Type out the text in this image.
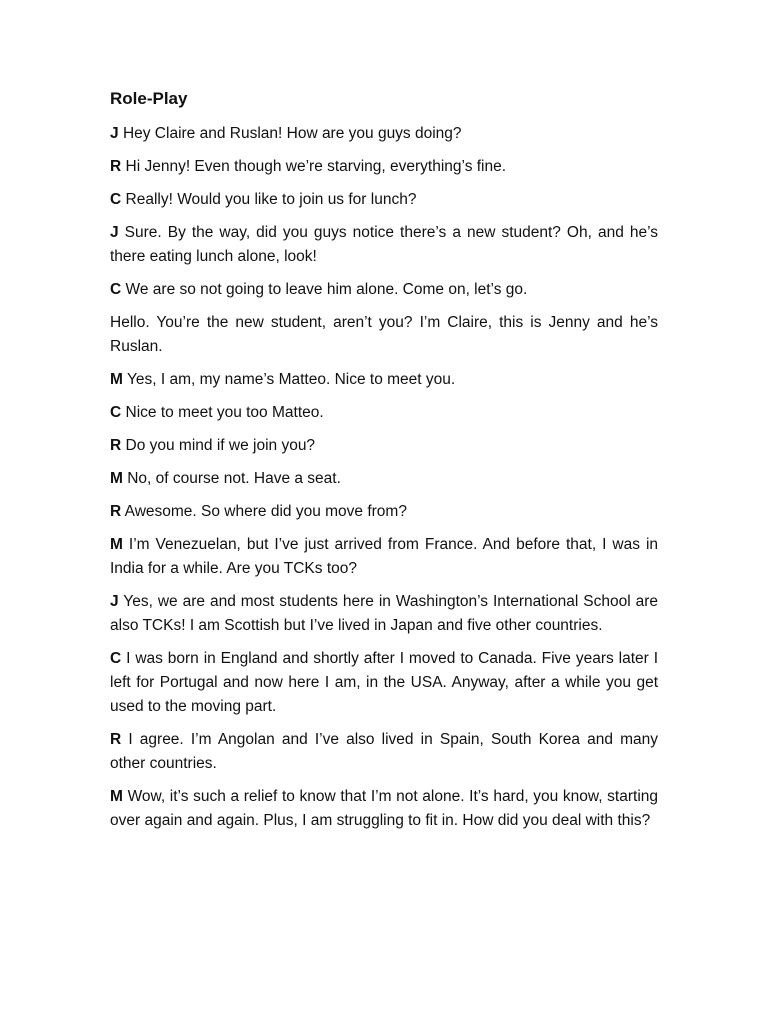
Role-Play

J Hey Claire and Ruslan! How are you guys doing?

R Hi Jenny! Even though we’re starving, everything’s fine.

C Really! Would you like to join us for lunch?

J Sure. By the way, did you guys notice there’s a new student? Oh, and he’s there eating lunch alone, look!

C We are so not going to leave him alone. Come on, let’s go.

Hello. You’re the new student, aren’t you? I’m Claire, this is Jenny and he’s Ruslan.

M Yes, I am, my name’s Matteo. Nice to meet you.

C Nice to meet you too Matteo.

R Do you mind if we join you?

M No, of course not. Have a seat.

R Awesome. So where did you move from?

M I’m Venezuelan, but I’ve just arrived from France. And before that, I was in India for a while. Are you TCKs too?

J Yes, we are and most students here in Washington’s International School are also TCKs! I am Scottish but I’ve lived in Japan and five other countries.

C I was born in England and shortly after I moved to Canada. Five years later I left for Portugal and now here I am, in the USA. Anyway, after a while you get used to the moving part.

R I agree. I’m Angolan and I’ve also lived in Spain, South Korea and many other countries.

M Wow, it’s such a relief to know that I’m not alone. It’s hard, you know, starting over again and again. Plus, I am struggling to fit in. How did you deal with this?
